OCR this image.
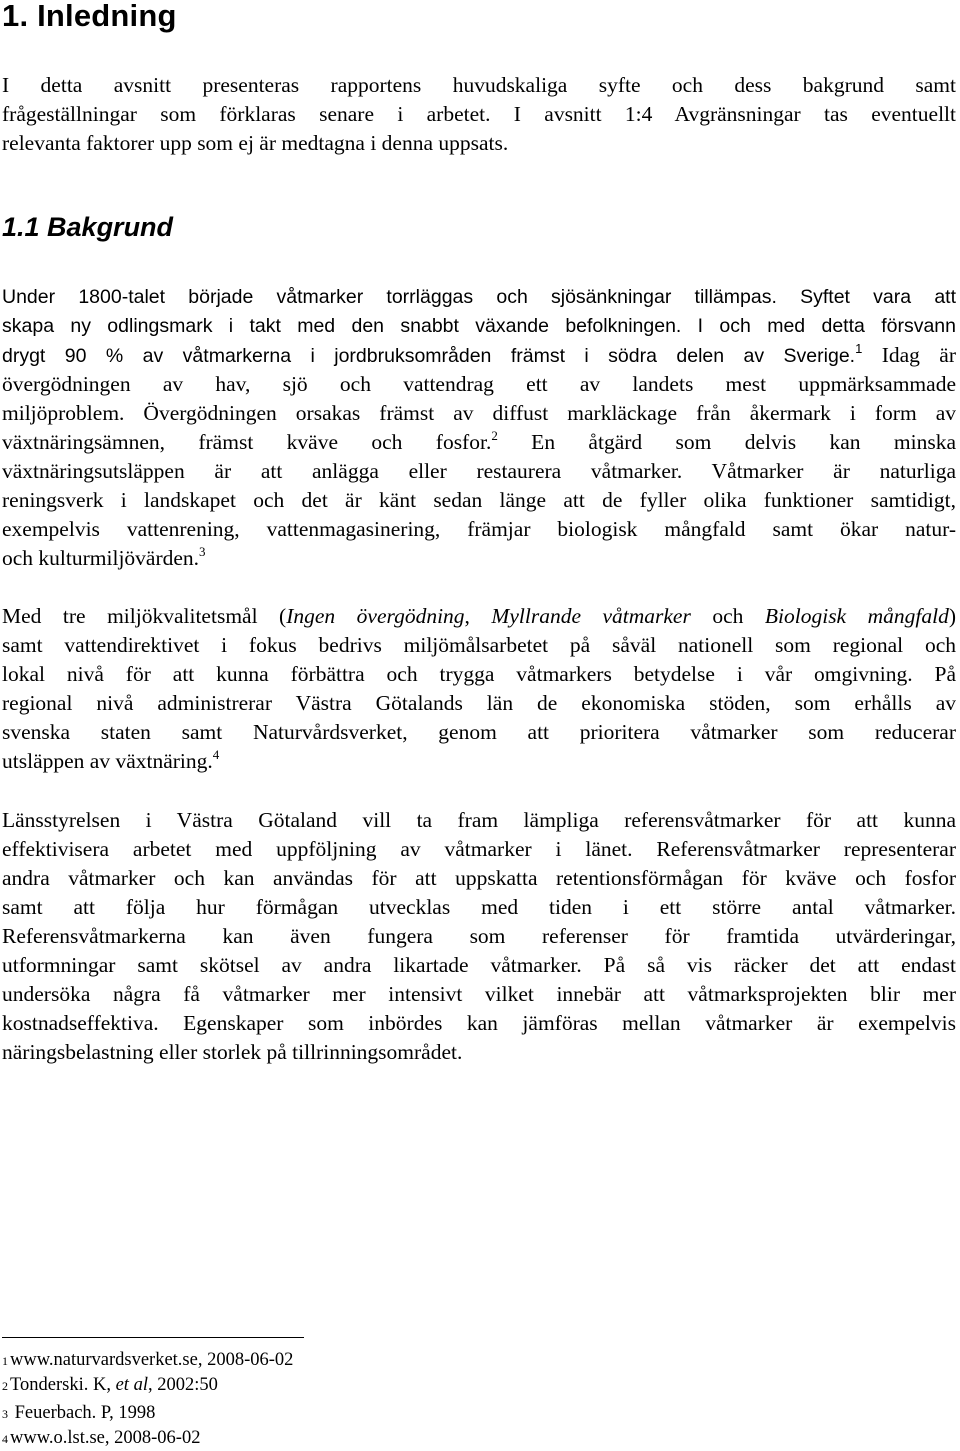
1. Inledning
I detta avsnitt presenteras rapportens huvudskaliga syfte och dess bakgrund samt
frågeställningar som förklaras senare i arbetet. I avsnitt 1:4 Avgränsningar tas eventuellt
relevanta faktorer upp som ej är medtagna i denna uppsats.
1.1 Bakgrund
Under 1800-talet började våtmarker torrläggas och sjösänkningar tillämpas. Syftet vara att
skapa ny odlingsmark i takt med den snabbt växande befolkningen. I och med detta försvann
drygt 90 % av våtmarkerna i jordbruksområden främst i södra delen av Sverige.$^1$ Idag är
övergödningen av hav, sjö och vattendrag ett av landets mest uppmärksammade
miljöproblem. Övergödningen orsakas främst av diffust markläckage från åkermark i form av
växtnäringsämnen, främst kväve och fosfor.$^2$ En åtgärd som delvis kan minska
växtnäringsutsläppen är att anlägga eller restaurera våtmarker. Våtmarker är naturliga
reningsverk i landskapet och det är känt sedan länge att de fyller olika funktioner samtidigt,
exempelvis vattenrening, vattenmagasinering, främjar biologisk mångfald samt ökar natur-
och kulturmiljövärden.$^3$
Med tre miljökvalitetsmål (Ingen övergödning, Myllrande våtmarker och Biologisk mångfald)
samt vattendirektivet i fokus bedrivs miljömålsarbetet på såväl nationell som regional och
lokal nivå för att kunna förbättra och trygga våtmarkers betydelse i vår omgivning. På
regional nivå administrerar Västra Götalands län de ekonomiska stöden, som erhålls av
svenska staten samt Naturvårdsverket, genom att prioritera våtmarker som reducerar
utsläppen av växtnäring.$^4$
Länsstyrelsen i Västra Götaland vill ta fram lämpliga referensvåtmarker för att kunna
effektivisera arbetet med uppföljning av våtmarker i länet. Referensvåtmarker representerar
andra våtmarker och kan användas för att uppskatta retentionsförmågan för kväve och fosfor
samt att följa hur förmågan utvecklas med tiden i ett större antal våtmarker.
Referensvåtmarkerna kan även fungera som referenser för framtida utvärderingar,
utformningar samt skötsel av andra likartade våtmarker. På så vis räcker det att endast
undersöka några få våtmarker mer intensivt vilket innebär att våtmarksprojekten blir mer
kostnadseffektiva. Egenskaper som inbördes kan jämföras mellan våtmarker är exempelvis
näringsbelastning eller storlek på tillrinningsområdet.
1 www.naturvardsverket.se, 2008-06-02
2 Tonderski. K, et al , 2002:50
3 Feuerbach. P, 1998
4 www.o.lst.se, 2008-06-02
